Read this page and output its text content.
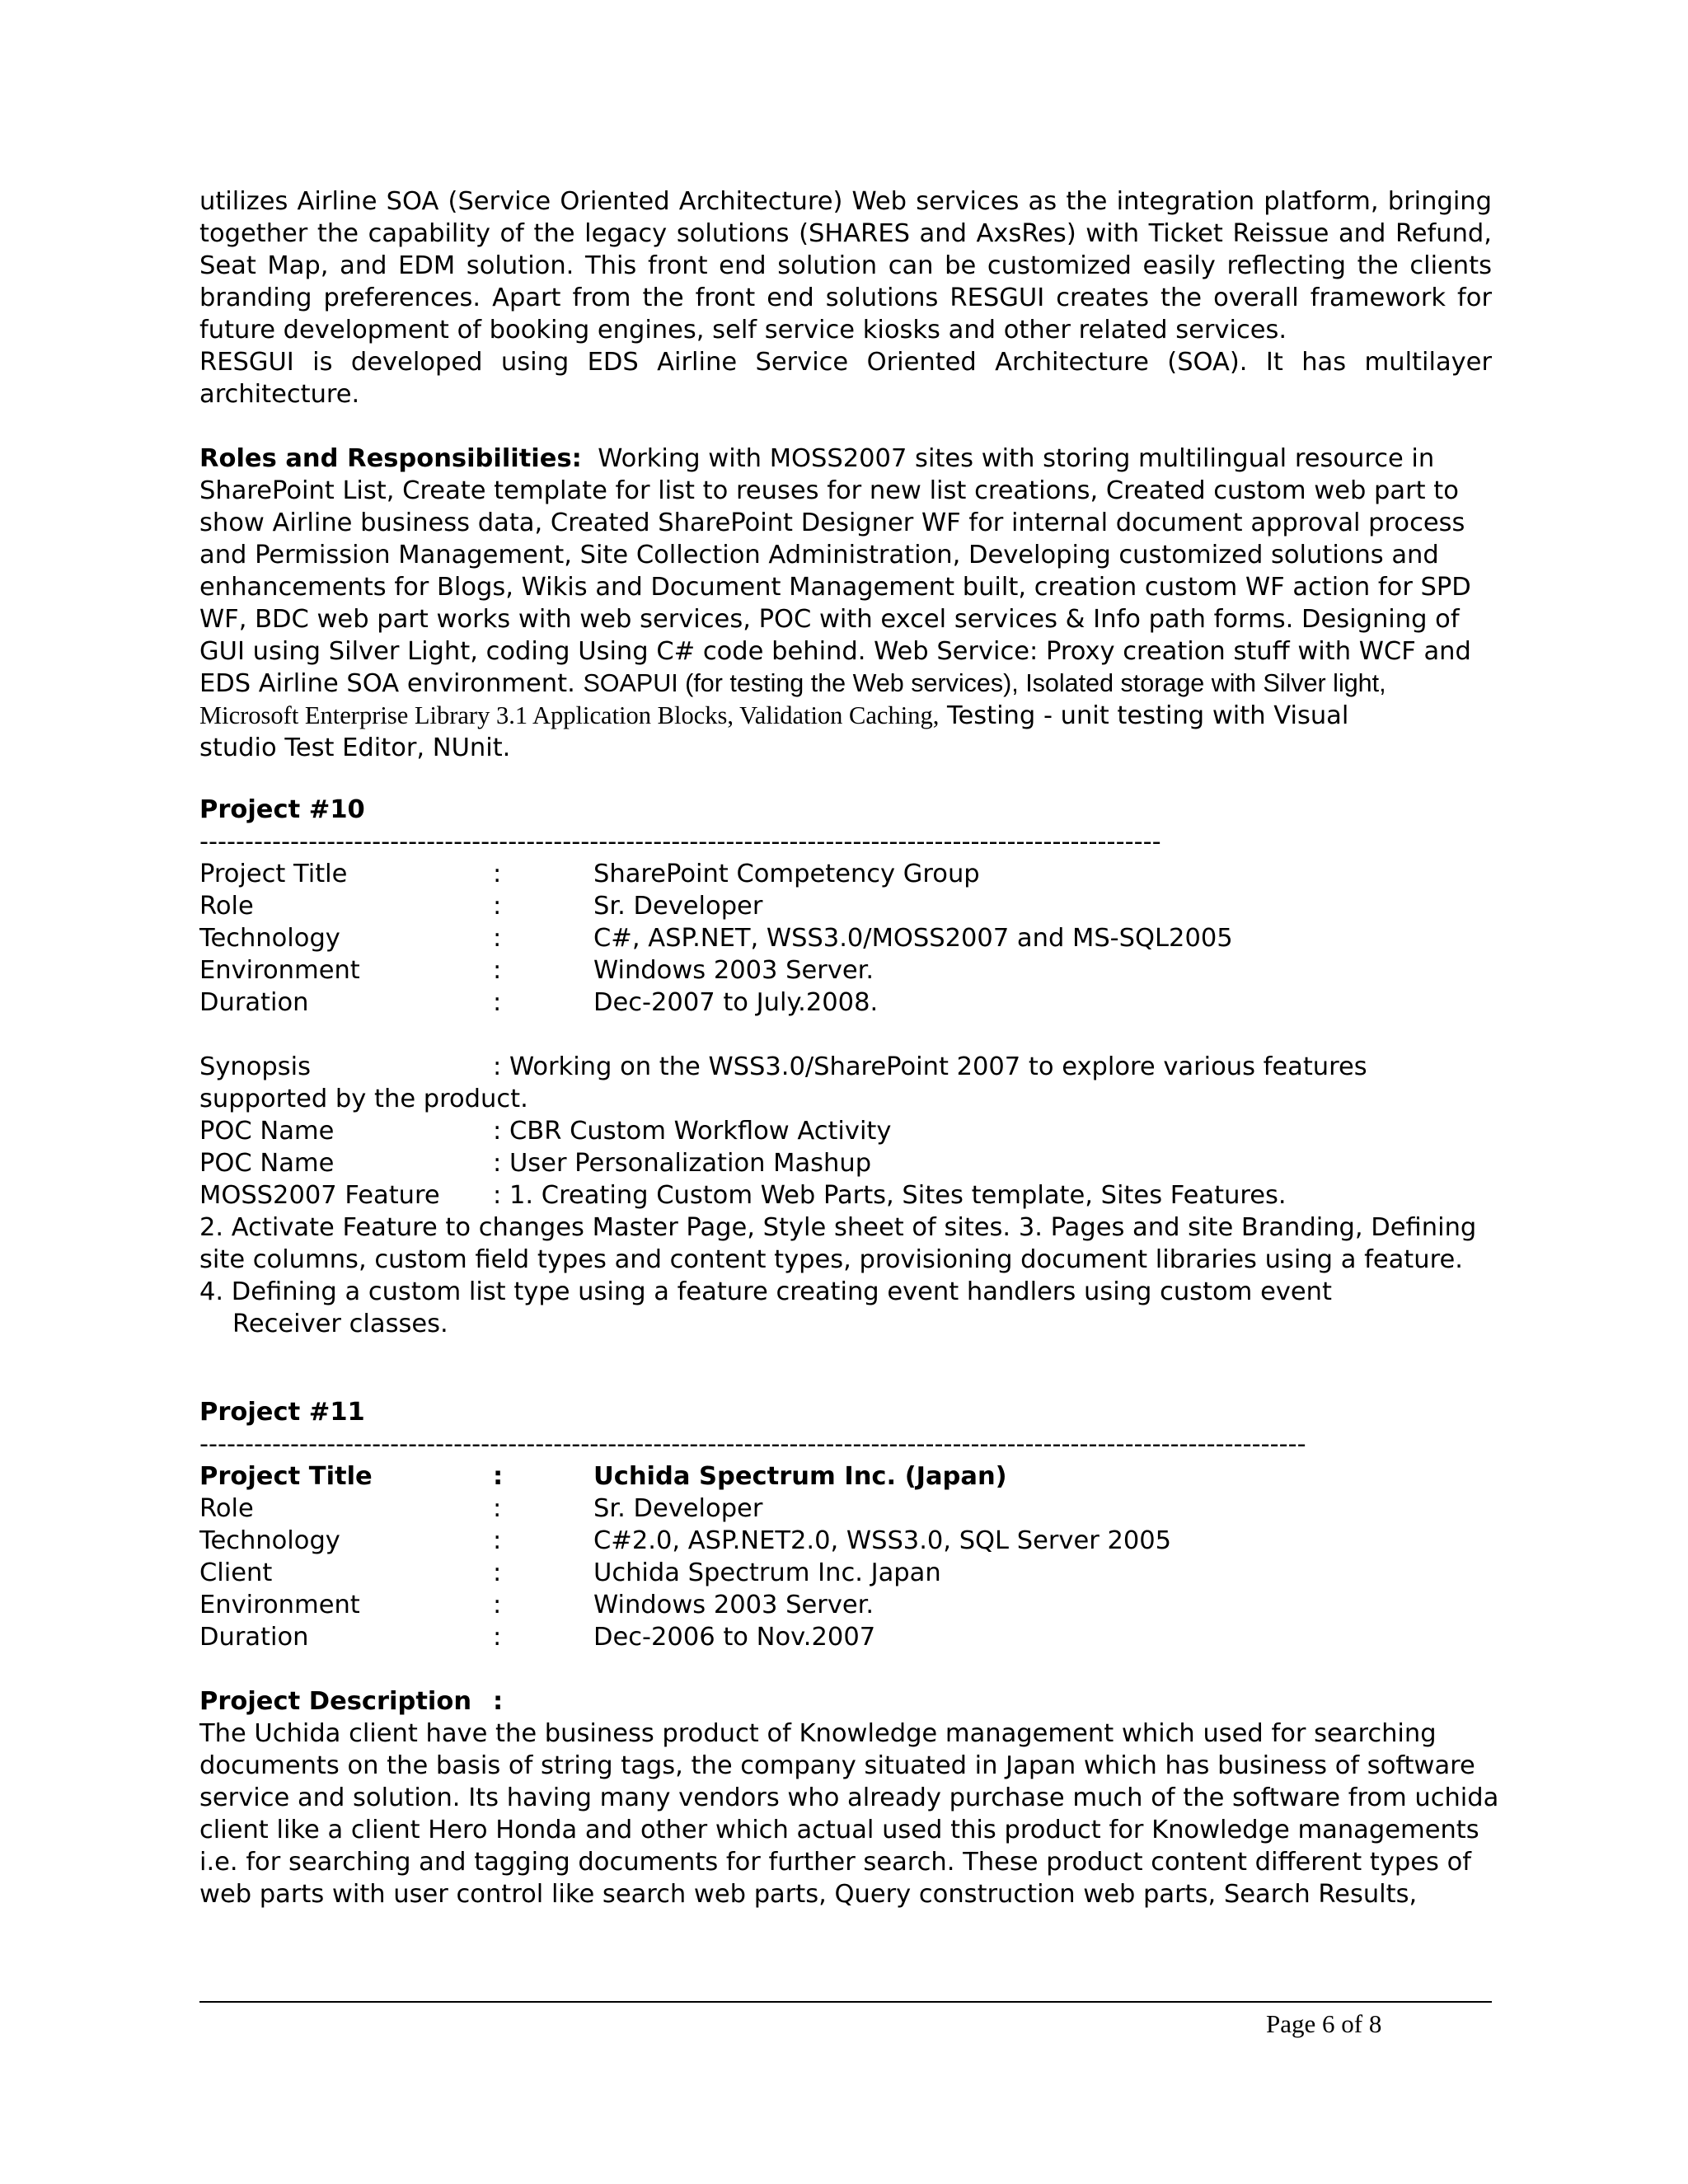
utilizes Airline SOA (Service Oriented Architecture) Web services as the integration platform, bringing

together the capability of the legacy solutions (SHARES and AxsRes) with Ticket Reissue and Refund,

Seat Map, and EDM solution. This front end solution can be customized easily reflecting the clients

branding preferences. Apart from the front end solutions RESGUI creates the overall framework for

future development of booking engines, self service kiosks and other related services.

RESGUI is developed using EDS Airline Service Oriented Architecture (SOA). It has multilayer

architecture.

Roles and Responsibilities: Working with MOSS2007 sites with storing multilingual resource in

SharePoint List, Create template for list to reuses for new list creations, Created custom web part to

show Airline business data, Created SharePoint Designer WF for internal document approval process

and Permission Management, Site Collection Administration, Developing customized solutions and

enhancements for Blogs, Wikis and Document Management built, creation custom WF action for SPD

WF, BDC web part works with web services, POC with excel services & Info path forms. Designing of

GUI using Silver Light, coding Using C# code behind. Web Service: Proxy creation stuff with WCF and

EDS Airline SOA environment. SOAPUI (for testing the Web services), Isolated storage with Silver light,

Microsoft Enterprise Library 3.1 Application Blocks, Validation Caching, Testing - unit testing with Visual

studio Test Editor, NUnit.

Project #10

----------------------------------------------------------------------------------------------------------
Project Title	:	SharePoint Competency Group
Role	:	Sr. Developer
Technology	:	C#, ASP.NET, WSS3.0/MOSS2007 and MS-SQL2005
Environment	:	Windows 2003 Server.
Duration	:	Dec-2007 to July.2008.
Synopsis	: Working on the WSS3.0/SharePoint 2007 to explore various features

supported by the product.

POC Name	: CBR Custom Workflow Activity
POC Name	: User Personalization Mashup
MOSS2007 Feature : 1. Creating Custom Web Parts, Sites template, Sites Features.

2. Activate Feature to changes Master Page, Style sheet of sites. 3. Pages and site Branding, Defining

site columns, custom field types and content types, provisioning document libraries using a feature.

4. Defining a custom list type using a feature creating event handlers using custom event

Receiver classes.

Project #11

--------------------------------------------------------------------------------------------------------------------------
Project Title	:	Uchida Spectrum Inc. (Japan)
Role	:	Sr. Developer
Technology	:	C#2.0, ASP.NET2.0, WSS3.0, SQL Server 2005
Client	:	Uchida Spectrum Inc. Japan
Environment	:	Windows 2003 Server.
Duration	:	Dec-2006 to Nov.2007
Project Description :

The Uchida client have the business product of Knowledge management which used for searching

documents on the basis of string tags, the company situated in Japan which has business of software

service and solution. Its having many vendors who already purchase much of the software from uchida

client like a client Hero Honda and other which actual used this product for Knowledge managements

i.e. for searching and tagging documents for further search. These product content different types of

web parts with user control like search web parts, Query construction web parts, Search Results,

Page 6 of 8
